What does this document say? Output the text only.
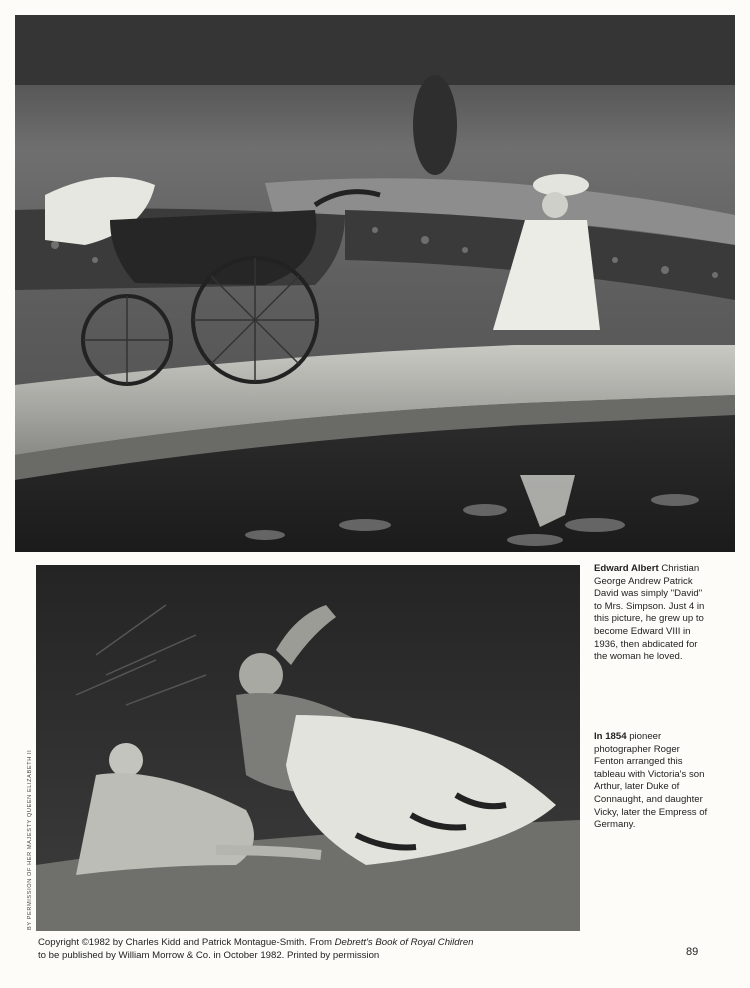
BY PERMISSION OF HER MAJESTY QUEEN ELIZABETH II
Edward Albert Christian George Andrew Patrick David was simply "David" to Mrs. Simpson. Just 4 in this picture, he grew up to become Edward VIII in 1936, then abdicated for the woman he loved.
In 1854 pioneer photographer Roger Fenton arranged this tableau with Victoria's son Arthur, later Duke of Connaught, and daughter Vicky, later the Empress of Germany.
Copyright ©1982 by Charles Kidd and Patrick Montague-Smith. From Debrett's Book of Royal Children
to be published by William Morrow & Co. in October 1982. Printed by permission	89
